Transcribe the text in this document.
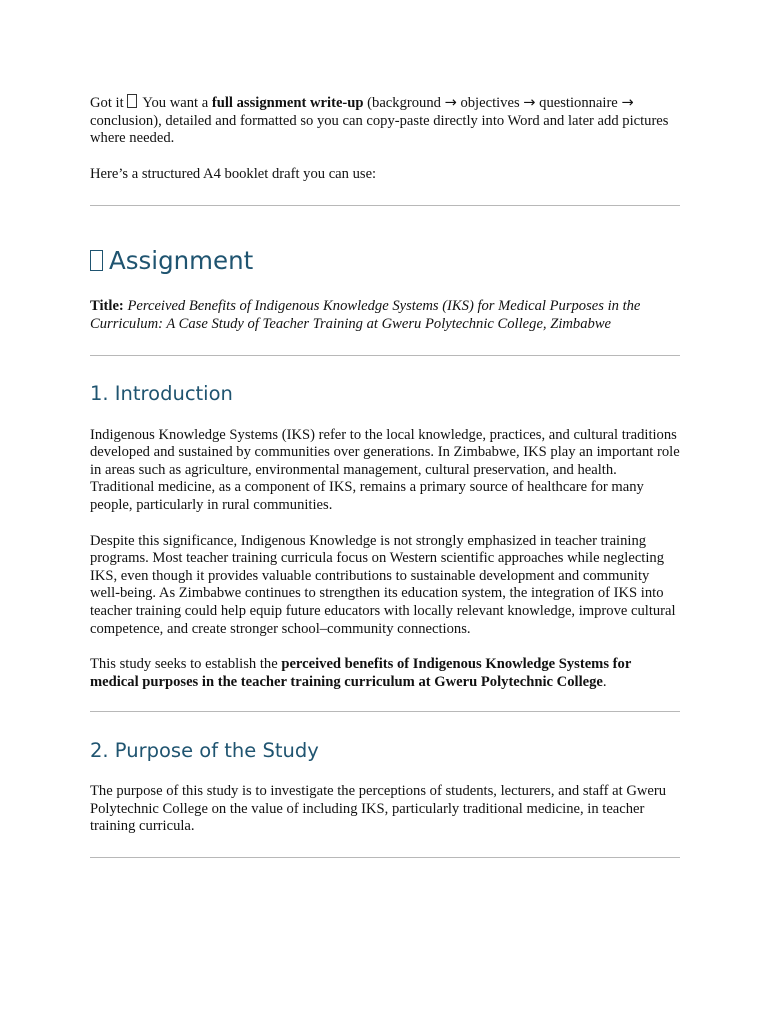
Got it  You want a full assignment write-up (background → objectives → questionnaire → conclusion), detailed and formatted so you can copy-paste directly into Word and later add pictures where needed.

Here’s a structured A4 booklet draft you can use:

Assignment

Title: Perceived Benefits of Indigenous Knowledge Systems (IKS) for Medical Purposes in the Curriculum: A Case Study of Teacher Training at Gweru Polytechnic College, Zimbabwe

1. Introduction

Indigenous Knowledge Systems (IKS) refer to the local knowledge, practices, and cultural traditions developed and sustained by communities over generations. In Zimbabwe, IKS play an important role in areas such as agriculture, environmental management, cultural preservation, and health. Traditional medicine, as a component of IKS, remains a primary source of healthcare for many people, particularly in rural communities.

Despite this significance, Indigenous Knowledge is not strongly emphasized in teacher training programs. Most teacher training curricula focus on Western scientific approaches while neglecting IKS, even though it provides valuable contributions to sustainable development and community well-being. As Zimbabwe continues to strengthen its education system, the integration of IKS into teacher training could help equip future educators with locally relevant knowledge, improve cultural competence, and create stronger school–community connections.

This study seeks to establish the perceived benefits of Indigenous Knowledge Systems for medical purposes in the teacher training curriculum at Gweru Polytechnic College.

2. Purpose of the Study

The purpose of this study is to investigate the perceptions of students, lecturers, and staff at Gweru Polytechnic College on the value of including IKS, particularly traditional medicine, in teacher training curricula.
